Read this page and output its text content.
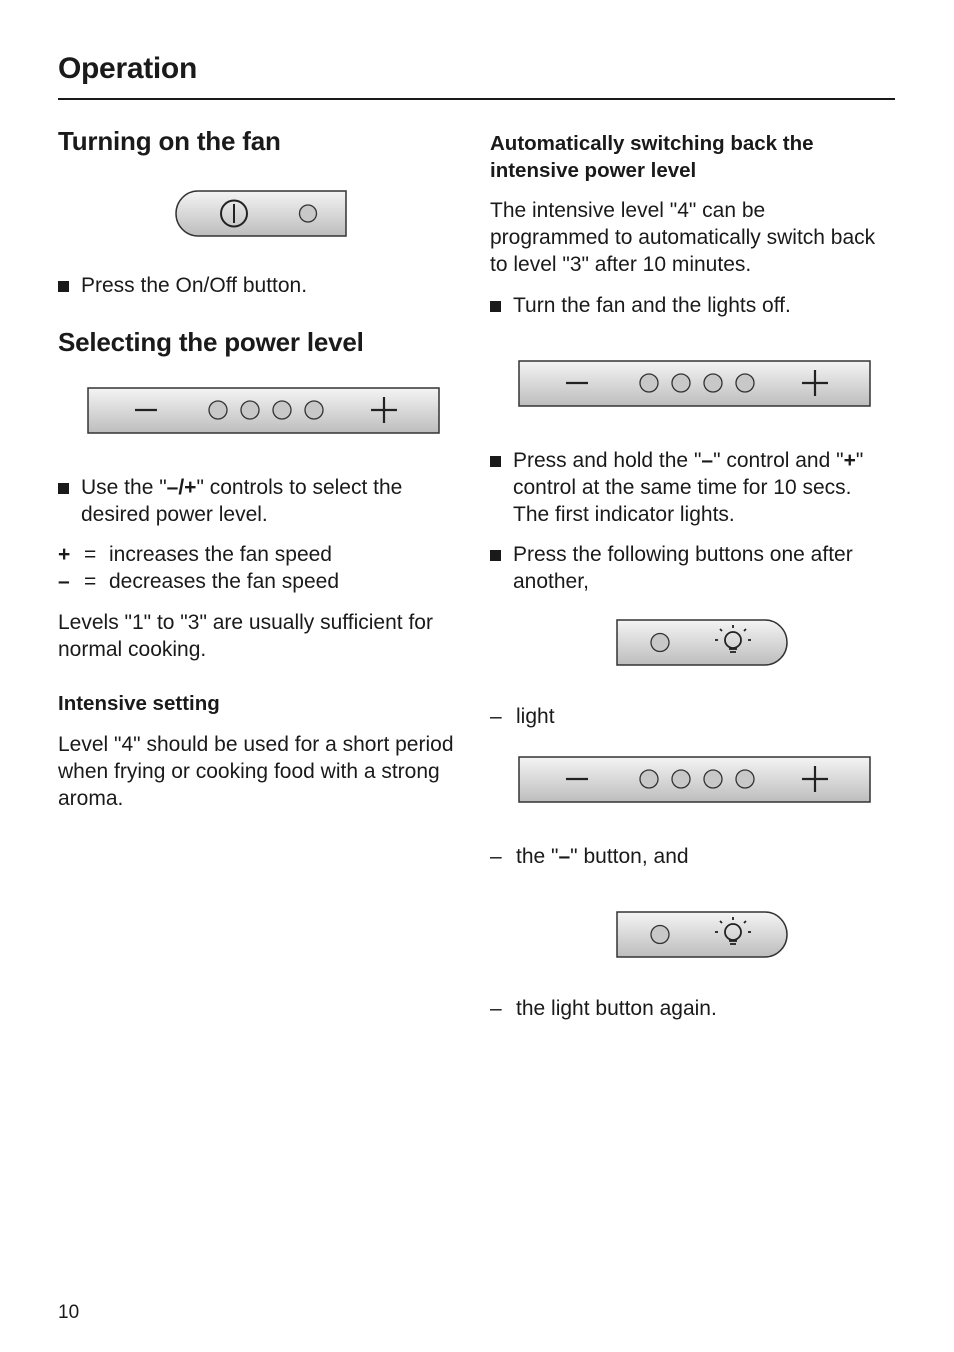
Operation
Turning on the fan
Press the On/Off button.
Selecting the power level
Use the "–/+" controls to select the desired power level.
+ = increases the fan speed
– = decreases the fan speed
Levels "1" to "3" are usually sufficient for normal cooking.
Intensive setting
Level "4" should be used for a short period when frying or cooking food with a strong aroma.
Automatically switching back the intensive power level
The intensive level "4" can be programmed to automatically switch back to level "3" after 10 minutes.
Turn the fan and the lights off.
Press and hold the "–" control and "+" control at the same time for 10 secs. The first indicator lights.
Press the following buttons one after another,
– light
– the "–" button, and
– the light button again.
10
